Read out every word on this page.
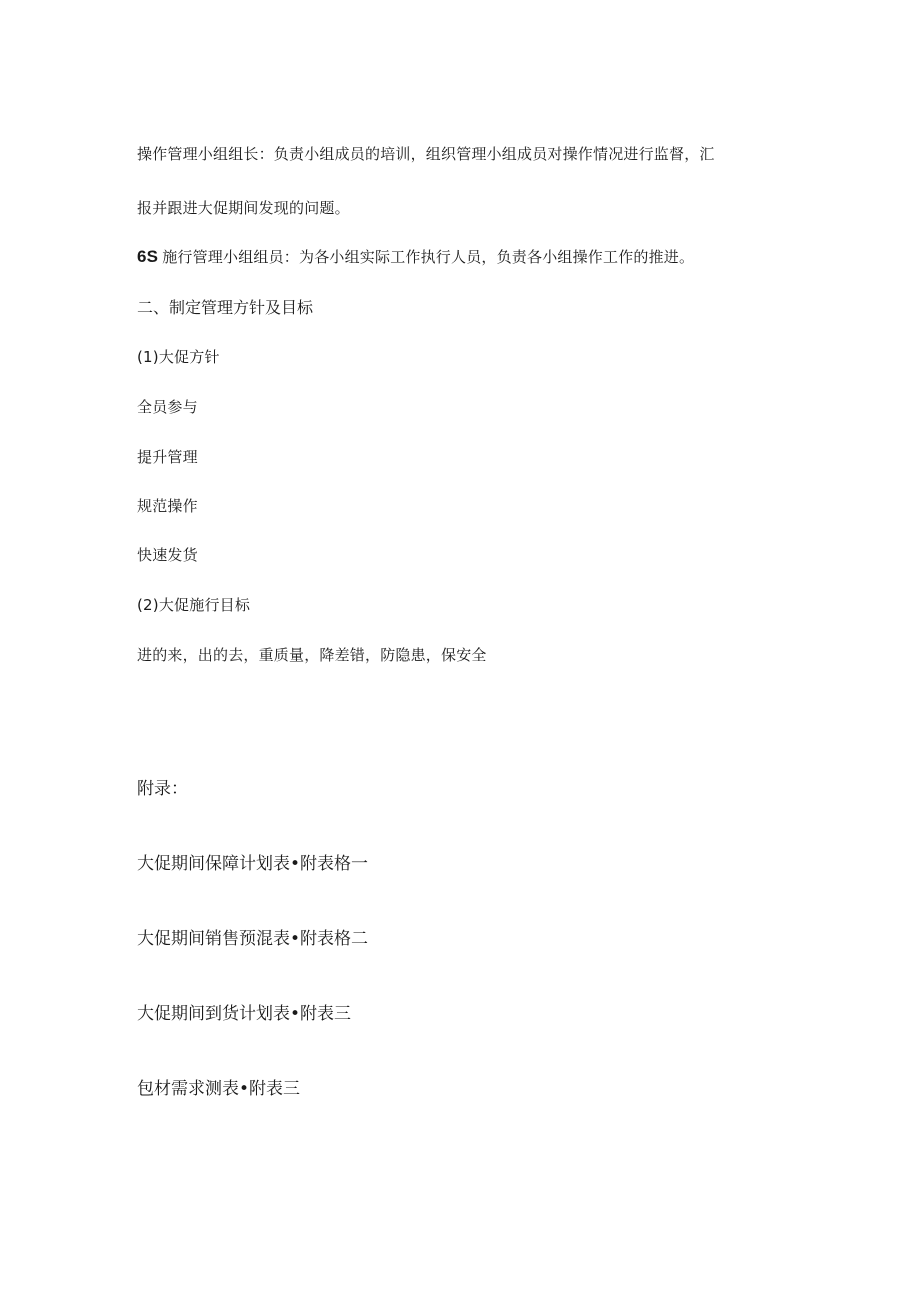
操作管理小组组长：负责小组成员的培训，组织管理小组成员对操作情况进行监督，汇
报并跟进大促期间发现的问题。
6S 施行管理小组组员：为各小组实际工作执行人员，负责各小组操作工作的推进。
二、制定管理方针及目标
(1)大促方针
全员参与
提升管理
规范操作
快速发货
(2)大促施行目标
进的来，出的去，重质量，降差错，防隐患，保安全
附录：
大促期间保障计划表•附表格一
大促期间销售预混表•附表格二
大促期间到货计划表•附表三
包材需求测表•附表三
